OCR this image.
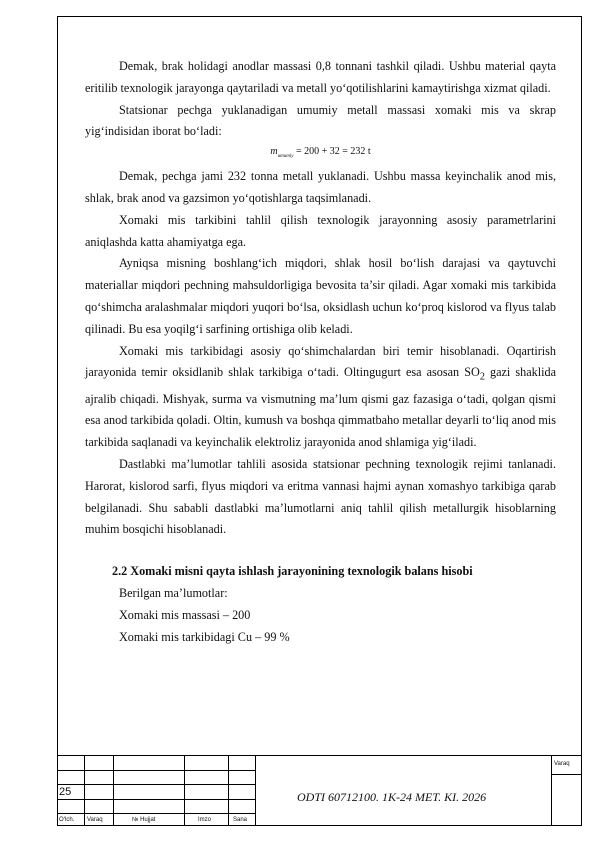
Demak, brak holidagi anodlar massasi 0,8 tonnani tashkil qiladi. Ushbu material qayta eritilib texnologik jarayonga qaytariladi va metall yo‘qotilishlarini kamaytirishga xizmat qiladi.

Statsionar pechga yuklanadigan umumiy metall massasi xomaki mis va skrap yig‘indisidan iborat bo‘ladi:

$m_{umumiy} = 200 + 32 = 232$ t

Demak, pechga jami 232 tonna metall yuklanadi. Ushbu massa keyinchalik anod mis, shlak, brak anod va gazsimon yo‘qotishlarga taqsimlanadi.

Xomaki mis tarkibini tahlil qilish texnologik jarayonning asosiy parametrlarini aniqlashda katta ahamiyatga ega.

Ayniqsa misning boshlang‘ich miqdori, shlak hosil bo‘lish darajasi va qaytuvchi materiallar miqdori pechning mahsuldorligiga bevosita ta’sir qiladi. Agar xomaki mis tarkibida qo‘shimcha aralashmalar miqdori yuqori bo‘lsa, oksidlash uchun ko‘proq kislorod va flyus talab qilinadi. Bu esa yoqilg‘i sarfining ortishiga olib keladi.

Xomaki mis tarkibidagi asosiy qo‘shimchalardan biri temir hisoblanadi. Oqartirish jarayonida temir oksidlanib shlak tarkibiga o‘tadi. Oltingugurt esa asosan $SO_2$ gazi shaklida ajralib chiqadi. Mishyak, surma va vismutning ma’lum qismi gaz fazasiga o‘tadi, qolgan qismi esa anod tarkibida qoladi. Oltin, kumush va boshqa qimmatbaho metallar deyarli to‘liq anod mis tarkibida saqlanadi va keyinchalik elektroliz jarayonida anod shlamiga yig‘iladi.

Dastlabki ma’lumotlar tahlili asosida statsionar pechning texnologik rejimi tanlanadi. Harorat, kislorod sarfi, flyus miqdori va eritma vannasi hajmi aynan xomashyo tarkibiga qarab belgilanadi. Shu sababli dastlabki ma’lumotlarni aniq tahlil qilish metallurgik hisoblarning muhim bosqichi hisoblanadi.

2.2 Xomaki misni qayta ishlash jarayonining texnologik balans hisobi

Berilgan ma’lumotlar:

Xomaki mis massasi – 200

Xomaki mis tarkibidagi Cu – 99 %

25	ODTI 60712100. 1K-24 MET. KI. 2026
Varaq
O‘lch. Varaq	№ Hujjat	Imzo	Sana
